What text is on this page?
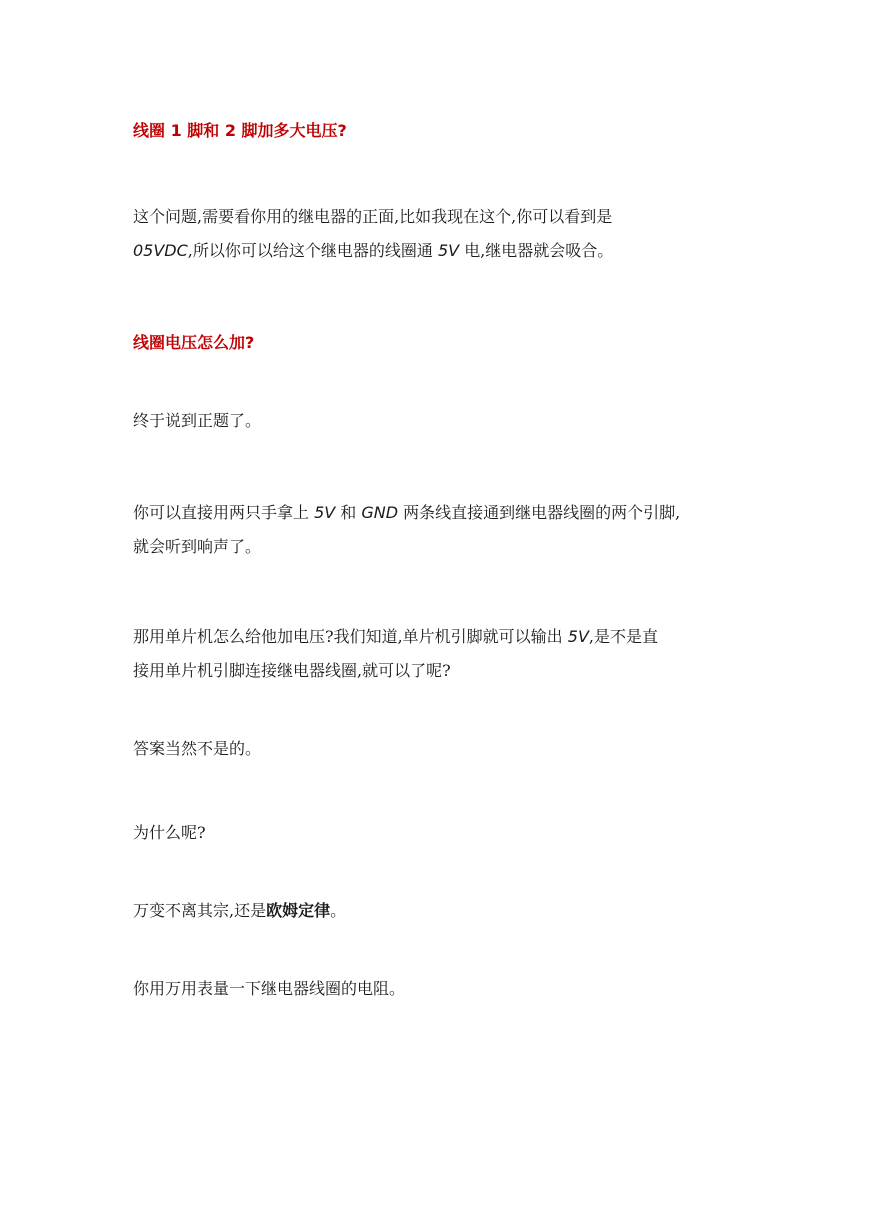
线圈 1 脚和 2 脚加多大电压?

这个问题,需要看你用的继电器的正面,比如我现在这个,你可以看到是
05VDC,所以你可以给这个继电器的线圈通 5V 电,继电器就会吸合。

线圈电压怎么加?

终于说到正题了。

你可以直接用两只手拿上 5V 和 GND 两条线直接通到继电器线圈的两个引脚,
就会听到响声了。

那用单片机怎么给他加电压?我们知道,单片机引脚就可以输出 5V,是不是直
接用单片机引脚连接继电器线圈,就可以了呢?

答案当然不是的。

为什么呢?

万变不离其宗,还是欧姆定律。

你用万用表量一下继电器线圈的电阻。
